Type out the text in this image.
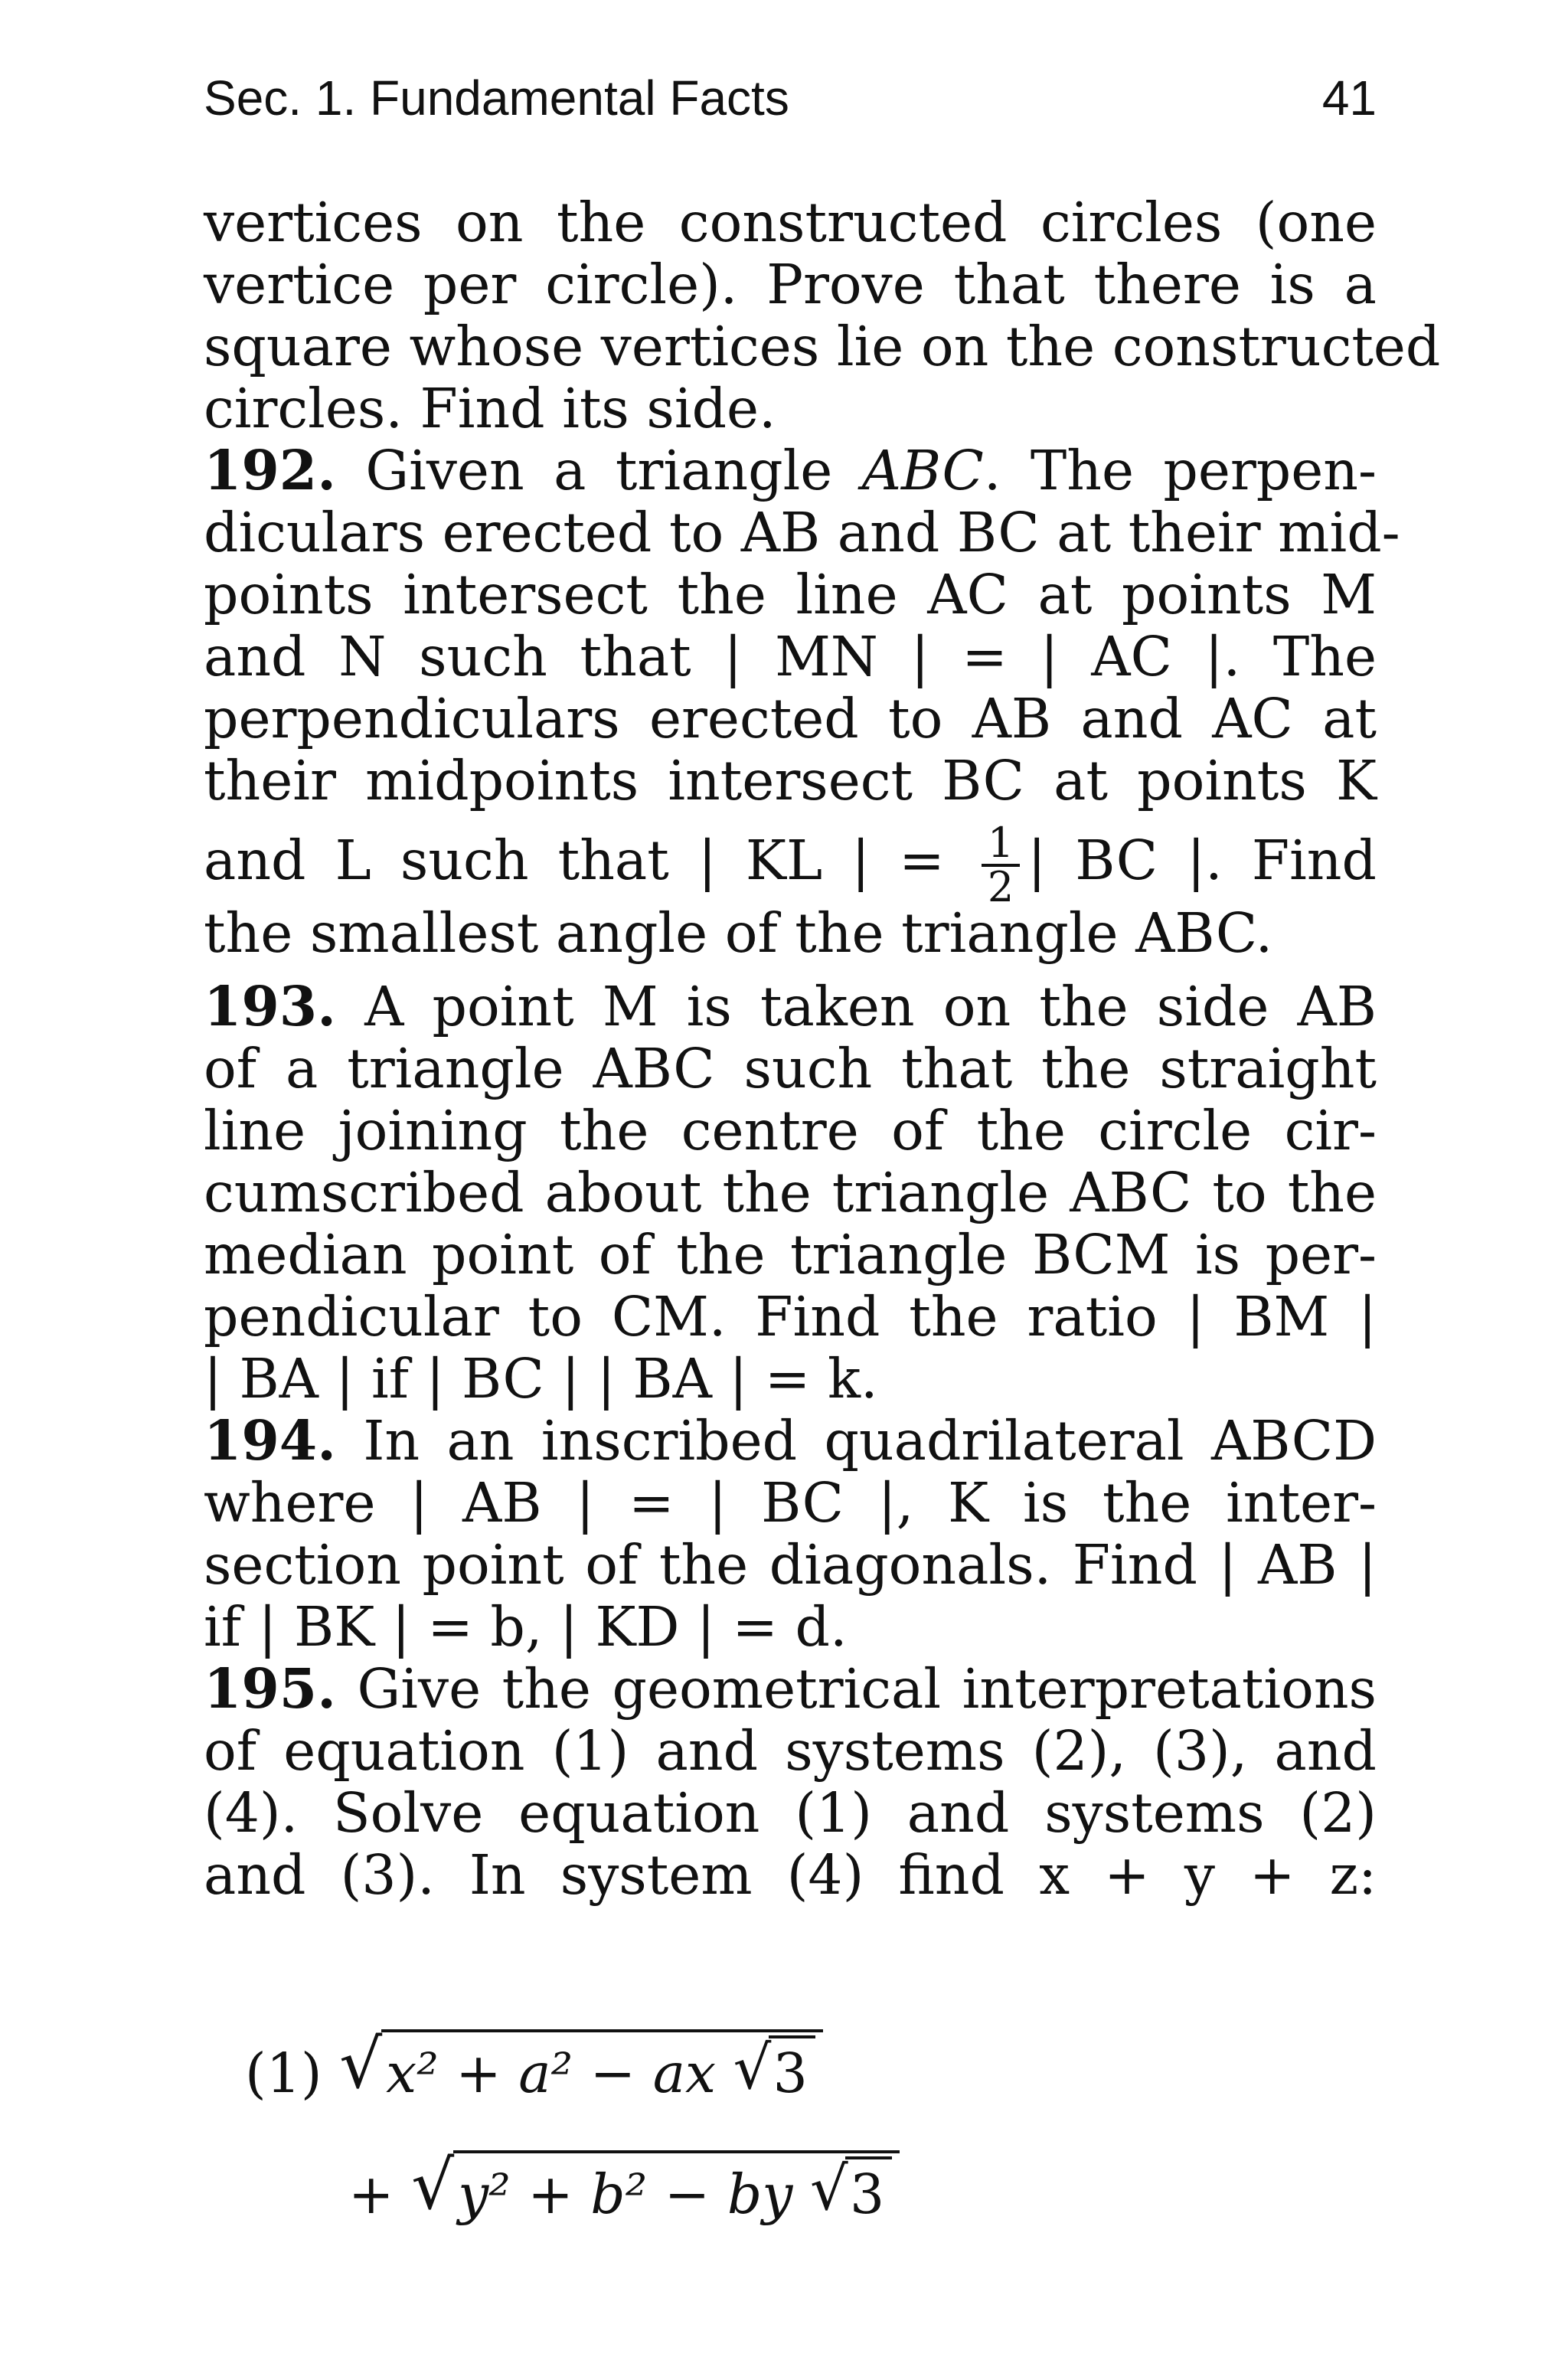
Sec. 1. Fundamental Facts	41
vertices on the constructed circles (one
vertice per circle). Prove that there is a
square whose vertices lie on the constructed
circles. Find its side.
192. Given a triangle ABC. The perpen-
diculars erected to AB and BC at their mid-
points intersect the line AC at points M
and N such that | MN | = | AC |. The
perpendiculars erected to AB and AC at
their midpoints intersect BC at points K
and L such that | KL | = $\frac{1}{2}$ | BC |. Find
the smallest angle of the triangle ABC.
193. A point M is taken on the side AB
of a triangle ABC such that the straight
line joining the centre of the circle cir-
cumscribed about the triangle ABC to the
median point of the triangle BCM is per-
pendicular to CM. Find the ratio | BM |
| BA | if | BC | | BA | = k.
194. In an inscribed quadrilateral ABCD
where | AB | = | BC |, K is the inter-
section point of the diagonals. Find | AB |
if | BK | = b, | KD | = d.
195. Give the geometrical interpretations
of equation (1) and systems (2), (3), and
(4). Solve equation (1) and systems (2)
and (3). In system (4) find x + y + z:
(1) √ x² + a² − ax √ 3
+ √ y² + b² − by √ 3
